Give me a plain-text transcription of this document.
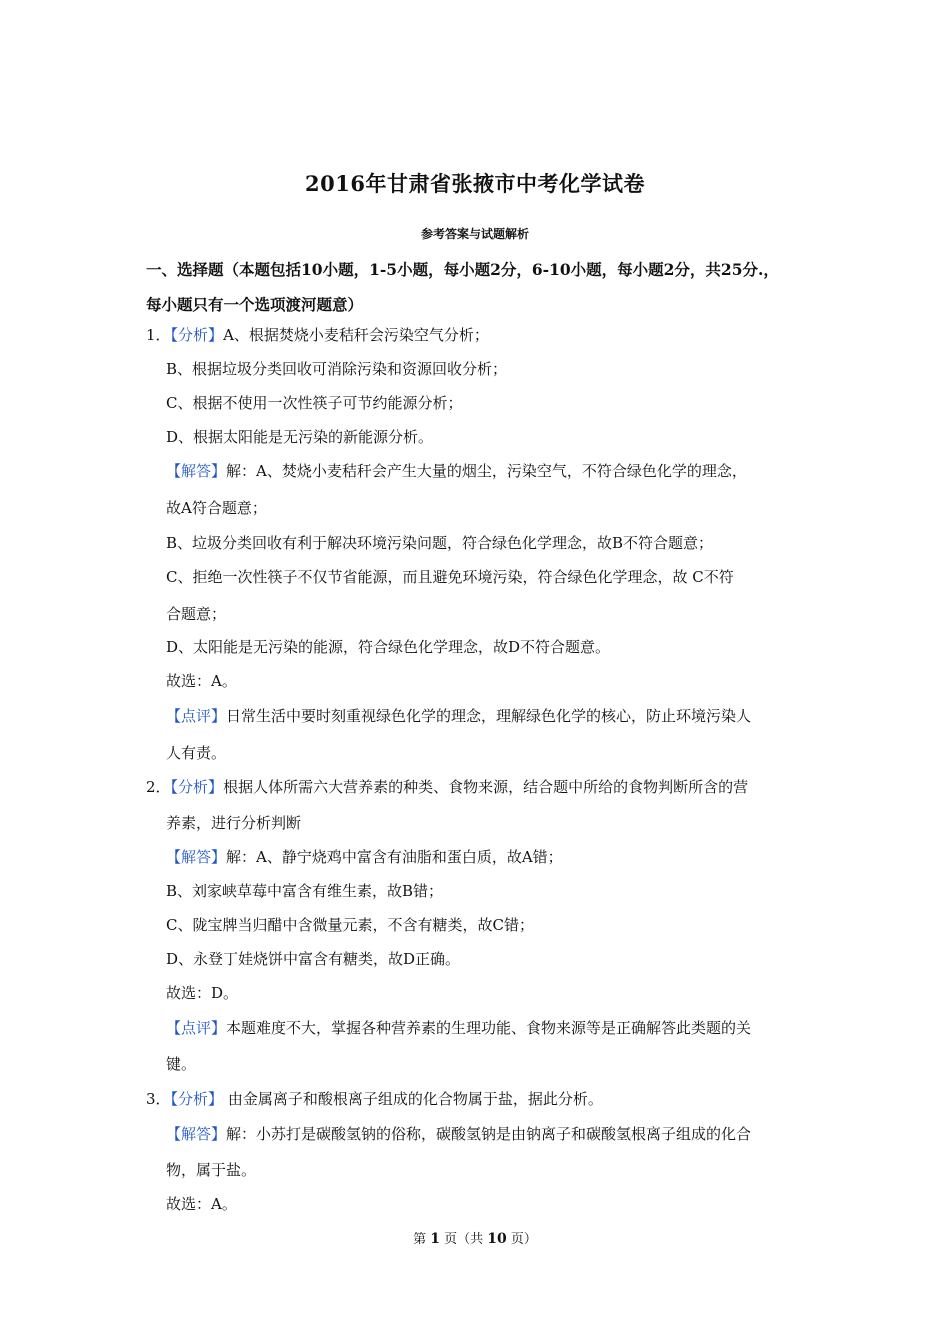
2016年甘肃省张掖市中考化学试卷
参考答案与试题解析
一、选择题（本题包括10小题，1-5小题，每小题2分，6-10小题，每小题2分，共25分.，
每小题只有一个选项渡河题意）
1．【分析】A、根据焚烧小麦秸秆会污染空气分析；
B、根据垃圾分类回收可消除污染和资源回收分析；
C、根据不使用一次性筷子可节约能源分析；
D、根据太阳能是无污染的新能源分析。
【解答】解：A、焚烧小麦秸秆会产生大量的烟尘，污染空气，不符合绿色化学的理念，
故A符合题意；
B、垃圾分类回收有利于解决环境污染问题，符合绿色化学理念，故B不符合题意；
C、拒绝一次性筷子不仅节省能源，而且避免环境污染，符合绿色化学理念，故 C不符
合题意；
D、太阳能是无污染的能源，符合绿色化学理念，故D不符合题意。
故选：A。
【点评】日常生活中要时刻重视绿色化学的理念，理解绿色化学的核心，防止环境污染人
人有责。
2．【分析】根据人体所需六大营养素的种类、食物来源，结合题中所给的食物判断所含的营
养素，进行分析判断
【解答】解：A、静宁烧鸡中富含有油脂和蛋白质，故A错；
B、刘家峡草莓中富含有维生素，故B错；
C、陇宝牌当归醋中含微量元素，不含有糖类，故C错；
D、永登丁娃烧饼中富含有糖类，故D正确。
故选：D。
【点评】本题难度不大，掌握各种营养素的生理功能、食物来源等是正确解答此类题的关
键。
3．【分析】 由金属离子和酸根离子组成的化合物属于盐，据此分析。
【解答】解：小苏打是碳酸氢钠的俗称，碳酸氢钠是由钠离子和碳酸氢根离子组成的化合
物，属于盐。
故选：A。
第 1 页（共 10 页）
